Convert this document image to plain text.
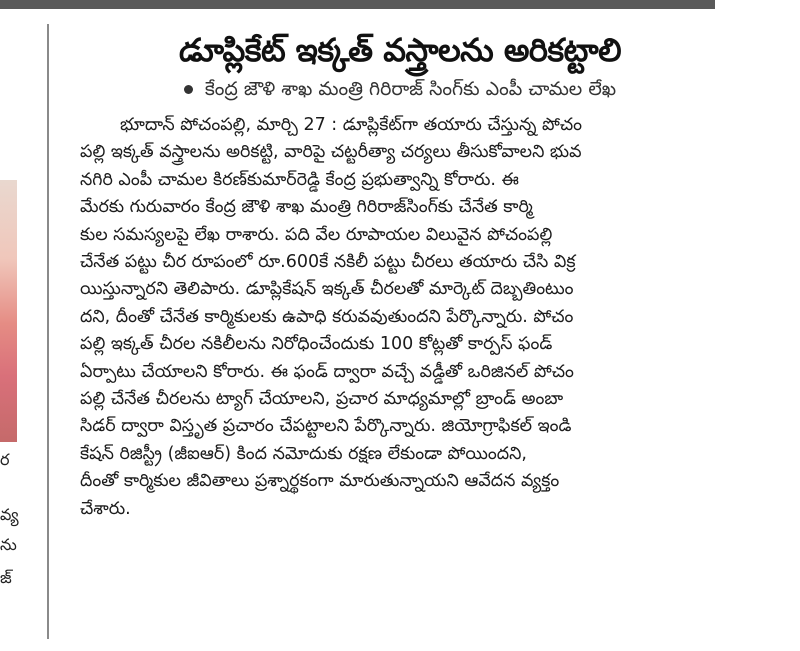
ర
వ్య
ను
జ్
డూప్లికేట్ ఇక్కత్ వస్త్రాలను అరికట్టాలి
కేంద్ర జౌళి శాఖ మంత్రి గిరిరాజ్ సింగ్‌కు ఎంపీ చామల లేఖ
భూదాన్ పోచంపల్లి, మార్చి 27 : డూప్లికేట్‌గా తయారు చేస్తున్న పోచం
పల్లి ఇక్కత్ వస్త్రాలను అరికట్టి, వారిపై చట్టరీత్యా చర్యలు తీసుకోవాలని భువ
నగిరి ఎంపీ చామల కిరణ్‌కుమార్‌రెడ్డి కేంద్ర ప్రభుత్వాన్ని కోరారు. ఈ
మేరకు గురువారం కేంద్ర జౌళి శాఖ మంత్రి గిరిరాజ్‌సింగ్‌కు చేనేత కార్మి
కుల సమస్యలపై లేఖ రాశారు. పది వేల రూపాయల విలువైన పోచంపల్లి
చేనేత పట్టు చీర రూపంలో రూ.600కే నకిలీ పట్టు చీరలు తయారు చేసి విక్ర
యిస్తున్నారని తెలిపారు. డూప్లికేషన్ ఇక్కత్ చీరలతో మార్కెట్ దెబ్బతింటుం
దని, దీంతో చేనేత కార్మికులకు ఉపాధి కరువవుతుందని పేర్కొన్నారు. పోచం
పల్లి ఇక్కత్ చీరల నకిలీలను నిరోధించేందుకు 100 కోట్లతో కార్పస్ ఫండ్
ఏర్పాటు చేయాలని కోరారు. ఈ ఫండ్ ద్వారా వచ్చే వడ్డీతో ఒరిజినల్ పోచం
పల్లి చేనేత చీరలను ట్యాగ్ చేయాలని, ప్రచార మాధ్యమాల్లో బ్రాండ్ అంబా
సిడర్ ద్వారా విస్తృత ప్రచారం చేపట్టాలని పేర్కొన్నారు. జియోగ్రాఫికల్ ఇండి
కేషన్ రిజిస్ట్రీ (జీఐఆర్) కింద నమోదుకు రక్షణ లేకుండా పోయిందని,
దీంతో కార్మికుల జీవితాలు ప్రశ్నార్థకంగా మారుతున్నాయని ఆవేదన వ్యక్తం
చేశారు.
